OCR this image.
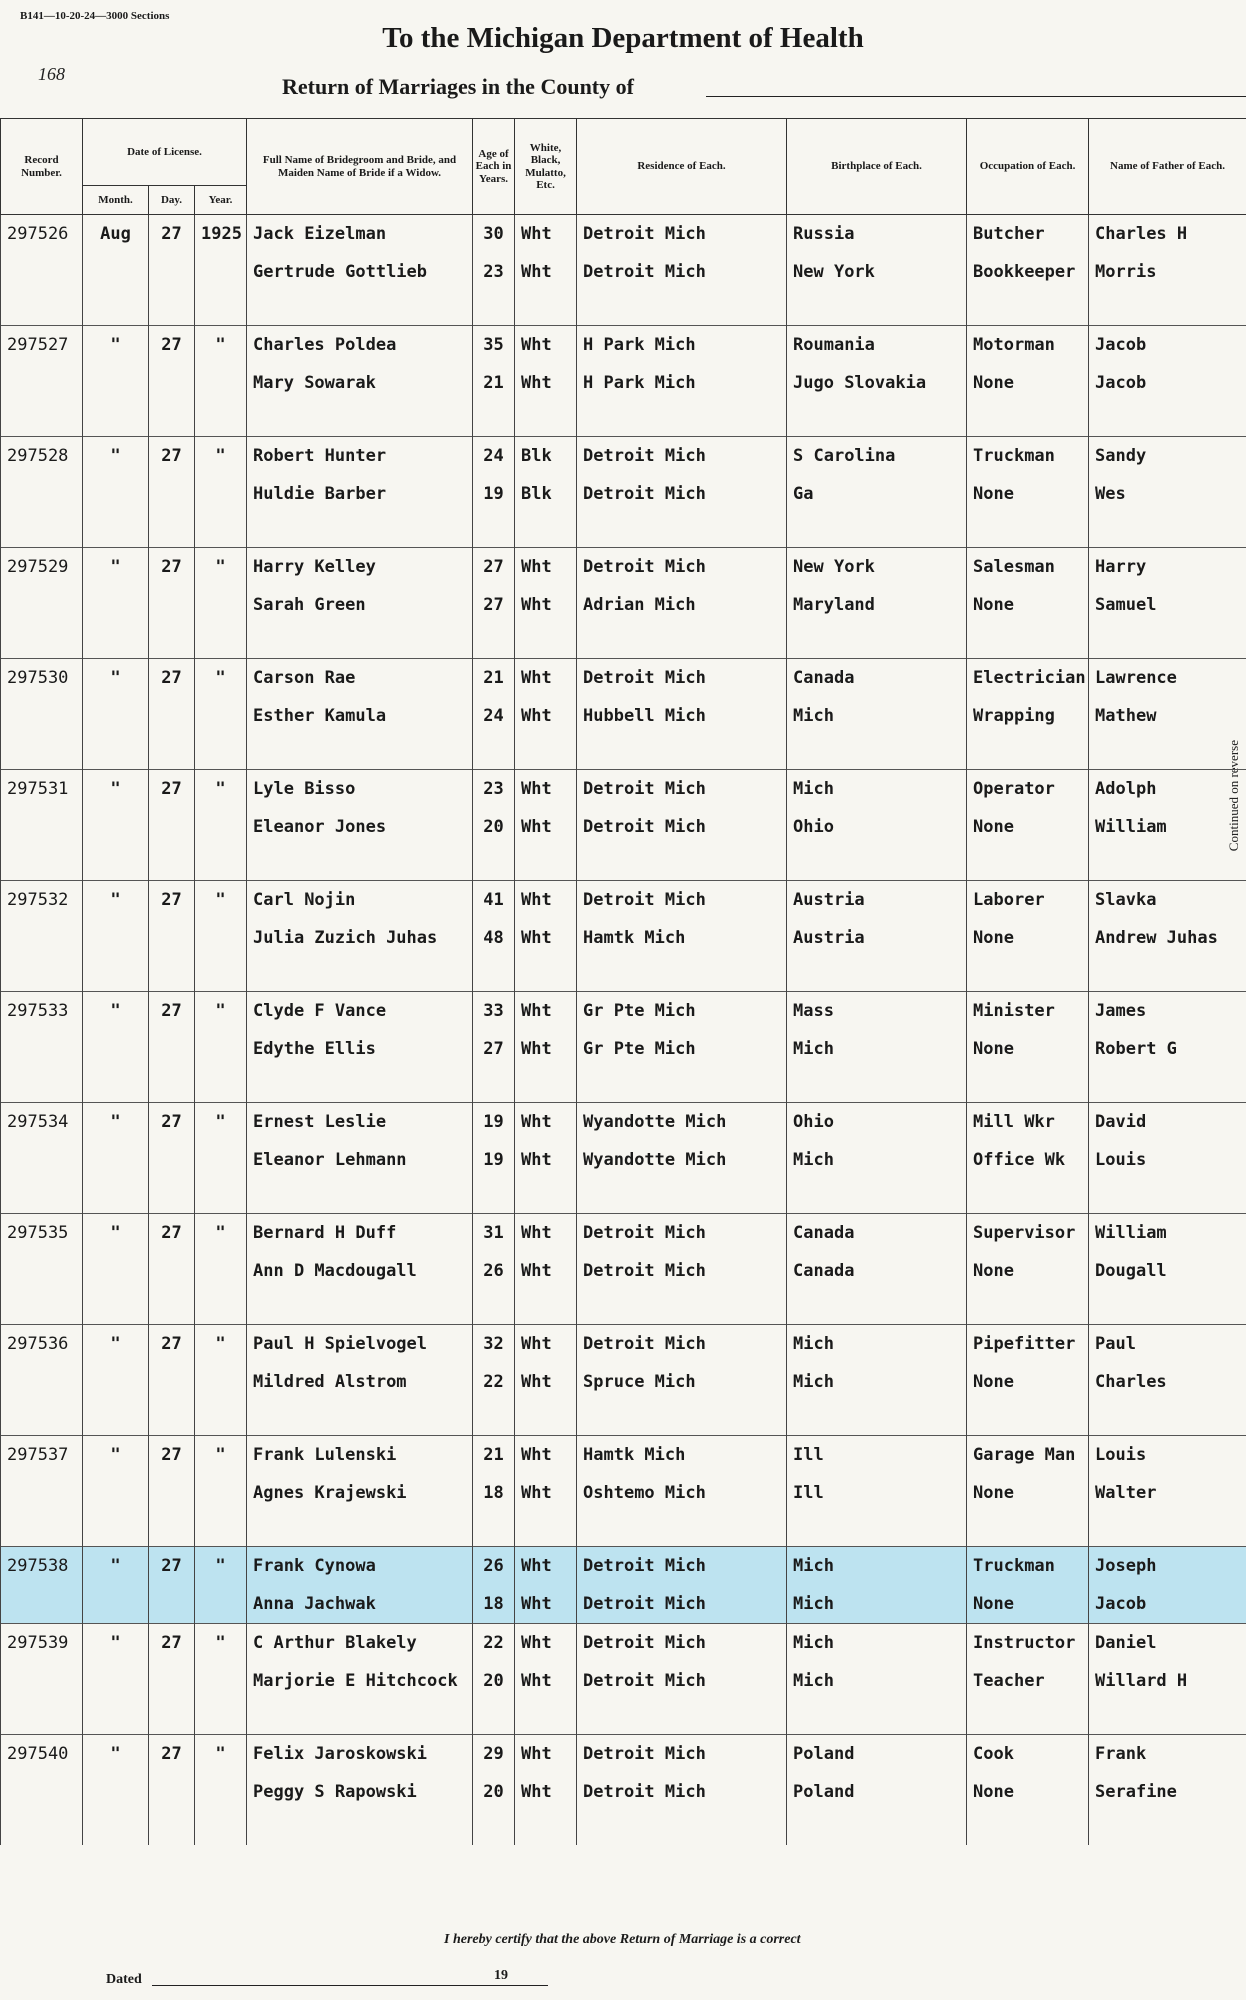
B141—10-20-24—3000 Sections
168
To the Michigan Department of Health
Return of Marriages in the County of
Continued on reverse
Record Number.	Date of License.			Full Name of Bridegroom and Bride, and Maiden Name of Bride if a Widow.	Age of Each in Years.	White, Black, Mulatto, Etc.	Residence of Each.	Birthplace of Each.	Occupation of Each.	Name of Father of Each.
	Month.	Day.	Year.							
297526	Aug	27	1925	Jack Eizelman	30	Wht	Detroit Mich	Russia	Butcher	Charles H
				Gertrude Gottlieb	23	Wht	Detroit Mich	New York	Bookkeeper	Morris

297527	"	27	"	Charles Poldea	35	Wht	H Park Mich	Roumania	Motorman	Jacob
				Mary Sowarak	21	Wht	H Park Mich	Jugo Slovakia	None	Jacob

297528	"	27	"	Robert Hunter	24	Blk	Detroit Mich	S Carolina	Truckman	Sandy
				Huldie Barber	19	Blk	Detroit Mich	Ga	None	Wes

297529	"	27	"	Harry Kelley	27	Wht	Detroit Mich	New York	Salesman	Harry
				Sarah Green	27	Wht	Adrian Mich	Maryland	None	Samuel

297530	"	27	"	Carson Rae	21	Wht	Detroit Mich	Canada	Electrician	Lawrence
				Esther Kamula	24	Wht	Hubbell Mich	Mich	Wrapping	Mathew

297531	"	27	"	Lyle Bisso	23	Wht	Detroit Mich	Mich	Operator	Adolph
				Eleanor Jones	20	Wht	Detroit Mich	Ohio	None	William

297532	"	27	"	Carl Nojin	41	Wht	Detroit Mich	Austria	Laborer	Slavka
				Julia Zuzich Juhas	48	Wht	Hamtk Mich	Austria	None	Andrew Juhas

297533	"	27	"	Clyde F Vance	33	Wht	Gr Pte Mich	Mass	Minister	James
				Edythe Ellis	27	Wht	Gr Pte Mich	Mich	None	Robert G

297534	"	27	"	Ernest Leslie	19	Wht	Wyandotte Mich	Ohio	Mill Wkr	David
				Eleanor Lehmann	19	Wht	Wyandotte Mich	Mich	Office Wk	Louis

297535	"	27	"	Bernard H Duff	31	Wht	Detroit Mich	Canada	Supervisor	William
				Ann D Macdougall	26	Wht	Detroit Mich	Canada	None	Dougall

297536	"	27	"	Paul H Spielvogel	32	Wht	Detroit Mich	Mich	Pipefitter	Paul
				Mildred Alstrom	22	Wht	Spruce Mich	Mich	None	Charles

297537	"	27	"	Frank Lulenski	21	Wht	Hamtk Mich	Ill	Garage Man	Louis
				Agnes Krajewski	18	Wht	Oshtemo Mich	Ill	None	Walter

297538	"	27	"	Frank Cynowa	26	Wht	Detroit Mich	Mich	Truckman	Joseph
				Anna Jachwak	18	Wht	Detroit Mich	Mich	None	Jacob
297539	"	27	"	C Arthur Blakely	22	Wht	Detroit Mich	Mich	Instructor	Daniel
				Marjorie E Hitchcock	20	Wht	Detroit Mich	Mich	Teacher	Willard H

297540	"	27	"	Felix Jaroskowski	29	Wht	Detroit Mich	Poland	Cook	Frank
				Peggy S Rapowski	20	Wht	Detroit Mich	Poland	None	Serafine

I hereby certify that the above Return of Marriage is a correct
Dated	19
